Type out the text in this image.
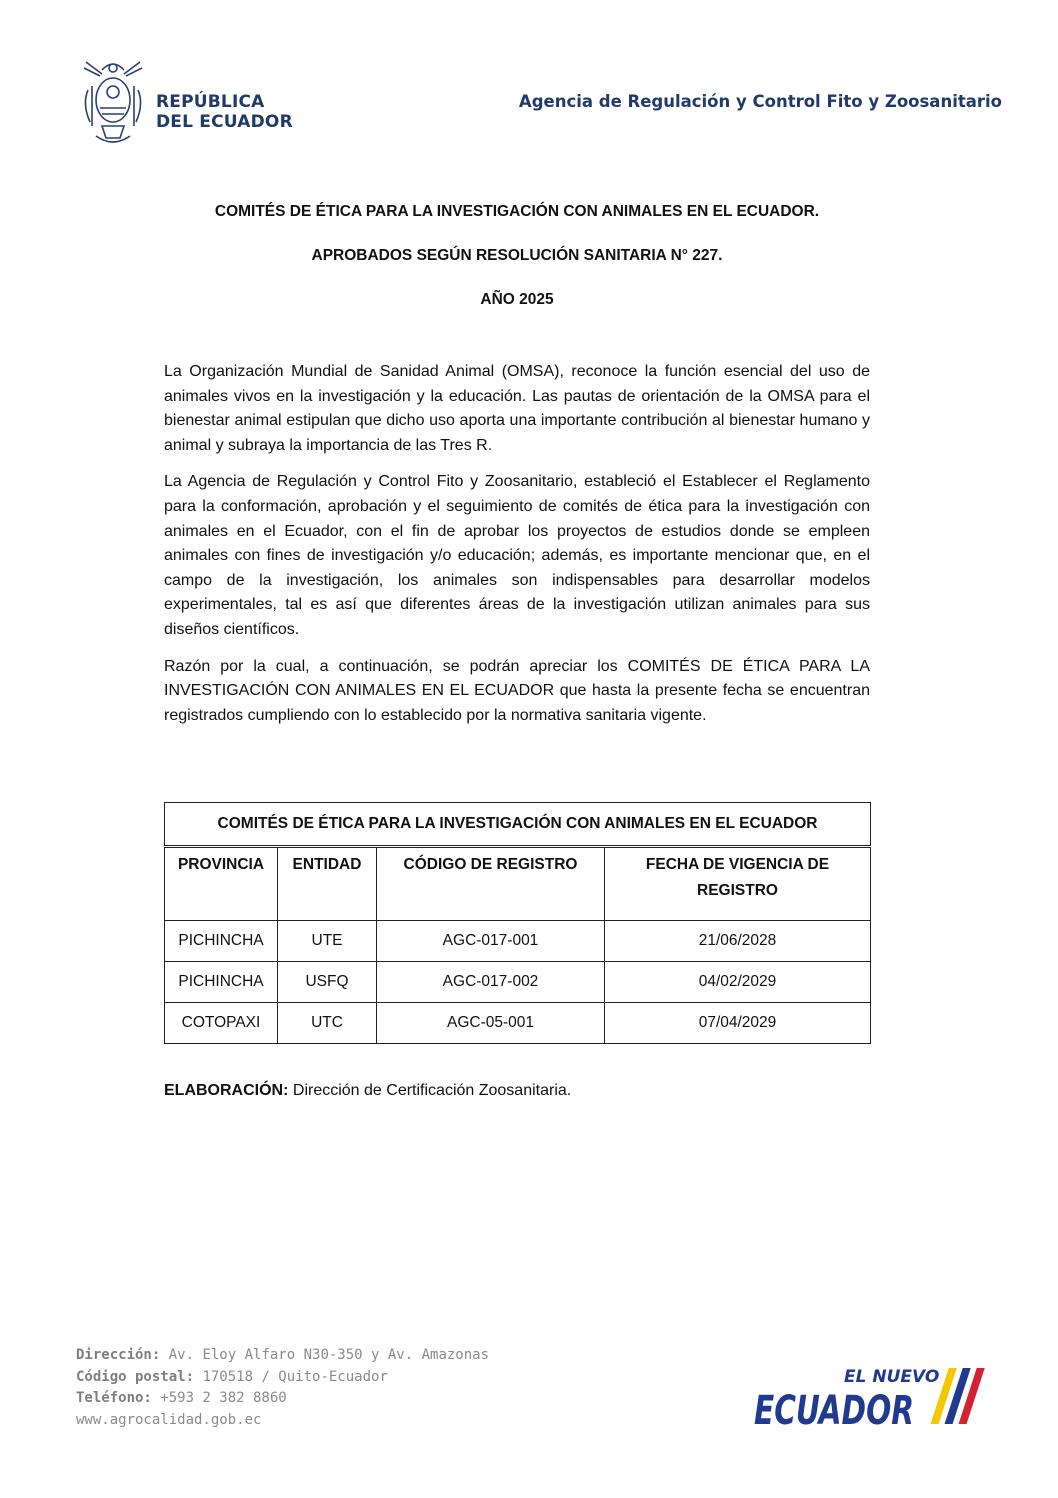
REPÚBLICA
DEL ECUADOR
Agencia de Regulación y Control Fito y Zoosanitario
COMITÉS DE ÉTICA PARA LA INVESTIGACIÓN CON ANIMALES EN EL ECUADOR.
APROBADOS SEGÚN RESOLUCIÓN SANITARIA N° 227.
AÑO 2025

La Organización Mundial de Sanidad Animal (OMSA), reconoce la función esencial del uso de animales vivos en la investigación y la educación. Las pautas de orientación de la OMSA para el bienestar animal estipulan que dicho uso aporta una importante contribución al bienestar humano y animal y subraya la importancia de las Tres R.

La Agencia de Regulación y Control Fito y Zoosanitario, estableció el Establecer el Reglamento para la conformación, aprobación y el seguimiento de comités de ética para la investigación con animales en el Ecuador, con el fin de aprobar los proyectos de estudios donde se empleen animales con fines de investigación y/o educación; además, es importante mencionar que, en el campo de la investigación, los animales son indispensables para desarrollar modelos experimentales, tal es así que diferentes áreas de la investigación utilizan animales para sus diseños científicos.

Razón por la cual, a continuación, se podrán apreciar los COMITÉS DE ÉTICA PARA LA INVESTIGACIÓN CON ANIMALES EN EL ECUADOR que hasta la presente fecha se encuentran registrados cumpliendo con lo establecido por la normativa sanitaria vigente.

COMITÉS DE ÉTICA PARA LA INVESTIGACIÓN CON ANIMALES EN EL ECUADOR			
PROVINCIA	ENTIDAD	CÓDIGO DE REGISTRO	FECHA DE VIGENCIA DE REGISTRO
PICHINCHA	UTE	AGC-017-001	21/06/2028
PICHINCHA	USFQ	AGC-017-002	04/02/2029
COTOPAXI	UTC	AGC-05-001	07/04/2029
ELABORACIÓN: Dirección de Certificación Zoosanitaria.
Dirección: Av. Eloy Alfaro N30-350 y Av. Amazonas
Código postal: 170518 / Quito-Ecuador
Teléfono: +593 2 382 8860
www.agrocalidad.gob.ec
EL NUEVO
ECUADOR
